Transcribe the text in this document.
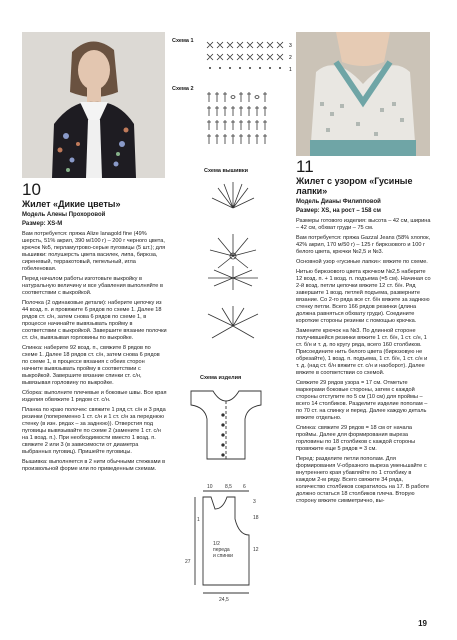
10
Жилет «Дикие цветы»
Модель Алены Прохоровой
Размер: XS-M

Вам потребуется: пряжа Alize lanagold fine (49% шерсть, 51% акрил, 390 м/100 г) – 200 г черного цвета, крючок №5, перламутрово-серые пуговицы (5 шт.); для вышивки: полушерсть цвета василек, липа, бирюза, сиреневый, терракотовый, пепельный, игла гобеленовая.

Перед началом работы изготовьте выкройку в натуральную величину и все убавления выполняйте в соответствии с выкройкой.

Полочка (2 одинаковые детали): наберите цепочку из 44 возд. п. и провяжите 6 рядов по схеме 1. Далее 18 рядов ст. с/н, затем снова 6 рядов по схеме 1, в процессе начинайте вывязывать пройму в соответствии с выкройкой. Завершите вязание полочки ст. с/н, вывязывая горловины по выкройке.

Спинка: наберите 92 возд. п., свяжите 8 рядов по схеме 1. Далее 18 рядов ст. с/н, затем снова 6 рядов по схеме 1, в процессе вязания с обеих сторон начните вывязывать пройму в соответствии с выкройкой. Завершите вязание спинки ст. с/н, вывязывая горловину по выкройке.

Сборка: выполните плечевые и боковые швы. Все края изделия обвяжите 1 рядом ст. с/н.

Планка по краю полочек: свяжите 1 ряд ст. с/н и 3 ряда резинки (попеременно 1 ст. с/н и 1 ст. с/н за переднюю стенку (в изн. рядах – за заднюю)). Отверстия под пуговицы вывязывайте по схеме 2 (замените 1 ст. с/н на 1 возд. п.). При необходимости вместо 1 возд. п. свяжите 2 или 3 (в зависимости от диаметра выбранных пуговиц). Пришейте пуговицы.

Вышивка: выполняется в 2 нити обычными стежками в произвольной форме или по приведенным схемам.

Схема 1
Схема 2
Схема вышивки
Схема изделия
3
2
1
10 8,5 6
3
18
27
1
24,5
12
1/2
переда
и спинки
11
Жилет с узором «Гусиные лапки»
Модель Дианы Филипповой
Размер: XS, на рост – 158 см

Размеры готового изделия: высота – 42 см, ширина – 42 см, обхват груди – 75 см.

Вам потребуется: пряжа Gazzal Jeans (58% хлопок, 42% акрил, 170 м/50 г) – 125 г бирюзового и 100 г белого цвета, крючки №2,5 и №3.

Основной узор «гусиные лапки»: вяжите по схеме.

Нитью бирюзового цвета крючком №2,5 наберите 12 возд. п. + 1 возд. п. подъема (=5 см). Начиная со 2-й возд. петли цепочки вяжите 12 ст. б/н. Ряд завершите 1 возд. петлей подъема, разверните вязание. Со 2-го ряда все ст. б/н вяжите за заднюю стенку петли. Всего 166 рядов резинки (длина должна равняться обхвату груди). Соедините короткие стороны резинки с помощью крючка.

Замените крючок на №3. По длинной стороне получившейся резинки вяжите 1 ст. б/н, 1 ст. с/н, 1 ст. б/н и т. д. по кругу ряда, всего 160 столбиков. Присоедините нить белого цвета (бирюзовую не обрезайте), 1 возд. п. подъема, 1 ст. б/н, 1 ст. с/н и т. д. (над ст. б/н вяжите ст. с/н и наоборот). Далее вяжите в соответствии со схемой.

Свяжите 29 рядов узора = 17 см. Отметьте маркерами боковые стороны, затем с каждой стороны отступите по 5 см (10 см) для проймы – всего 14 столбиков. Разделите изделие пополам – по 70 ст. на спинку и перед. Далее каждую деталь вяжите отдельно.

Спинка: свяжите 29 рядов = 18 см от начала проймы. Далее для формирования выреза горловины по 18 столбиков с каждой стороны провяжите еще 5 рядов = 3 см.

Перед: разделите петли пополам. Для формирования V-образного выреза уменьшайте с внутреннего края убавляйте по 1 столбику в каждом 2-м ряду. Всего свяжите 34 ряда, количество столбиков сократилось на 17. В работе должно остаться 18 столбиков плеча. Вторую сторону вяжите симметрично, вы-

19
